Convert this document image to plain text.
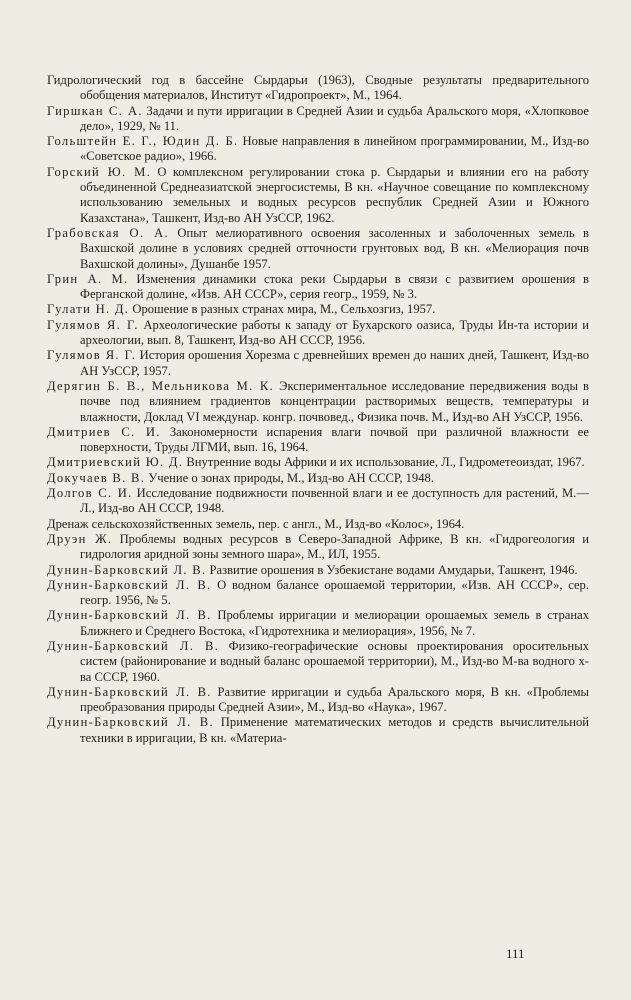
Гидрологический год в бассейне Сырдарьи (1963), Сводные результаты предварительного обобщения материалов, Институт «Гидропроект», М., 1964.

Гиршкан С. А. Задачи и пути ирригации в Средней Азии и судьба Аральского моря, «Хлопковое дело», 1929, № 11.

Гольштейн Е. Г., Юдин Д. Б. Новые направления в линейном программировании, М., Изд-во «Советское радио», 1966.

Горский Ю. М. О комплексном регулировании стока р. Сырдарьи и влиянии его на работу объединенной Среднеазиатской энергосистемы, В кн. «Научное совещание по комплексному использованию земельных и водных ресурсов республик Средней Азии и Южного Казахстана», Ташкент, Изд-во АН УзССР, 1962.

Грабовская О. А. Опыт мелиоративного освоения засоленных и заболоченных земель в Вахшской долине в условиях средней отточности грунтовых вод, В кн. «Мелиорация почв Вахшской долины», Душанбе 1957.

Грин А. М. Изменения динамики стока реки Сырдарьи в связи с развитием орошения в Ферганской долине, «Изв. АН СССР», серия геогр., 1959, № 3.

Гулати Н. Д. Орошение в разных странах мира, М., Сельхозгиз, 1957.

Гулямов Я. Г. Археологические работы к западу от Бухарского оазиса, Труды Ин-та истории и археологии, вып. 8, Ташкент, Изд-во АН СССР, 1956.

Гулямов Я. Г. История орошения Хорезма с древнейших времен до наших дней, Ташкент, Изд-во АН УзССР, 1957.

Дерягин Б. В., Мельникова М. К. Экспериментальное исследование передвижения воды в почве под влиянием градиентов концентрации растворимых веществ, температуры и влажности, Доклад VI междунар. конгр. почвовед., Физика почв. М., Изд-во АН УзССР, 1956.

Дмитриев С. И. Закономерности испарения влаги почвой при различной влажности ее поверхности, Труды ЛГМИ, вып. 16, 1964.

Дмитриевский Ю. Д. Внутренние воды Африки и их использование, Л., Гидрометеоиздат, 1967.

Докучаев В. В. Учение о зонах природы, М., Изд-во АН СССР, 1948.

Долгов С. И. Исследование подвижности почвенной влаги и ее доступность для растений, М.—Л., Изд-во АН СССР, 1948.

Дренаж сельскохозяйственных земель, пер. с англ., М., Изд-во «Колос», 1964.

Друэн Ж. Проблемы водных ресурсов в Северо-Западной Африке, В кн. «Гидрогеология и гидрология аридной зоны земного шара», М., ИЛ, 1955.

Дунин-Барковский Л. В. Развитие орошения в Узбекистане водами Амударьи, Ташкент, 1946.

Дунин-Барковский Л. В. О водном балансе орошаемой территории, «Изв. АН СССР», сер. геогр. 1956, № 5.

Дунин-Барковский Л. В. Проблемы ирригации и мелиорации орошаемых земель в странах Ближнего и Среднего Востока, «Гидротехника и мелиорация», 1956, № 7.

Дунин-Барковский Л. В. Физико-географические основы проектирования оросительных систем (районирование и водный баланс орошаемой территории), М., Изд-во М-ва водного х-ва СССР, 1960.

Дунин-Барковский Л. В. Развитие ирригации и судьба Аральского моря, В кн. «Проблемы преобразования природы Средней Азии», М., Изд-во «Наука», 1967.

Дунин-Барковский Л. В. Применение математических методов и средств вычислительной техники в ирригации, В кн. «Материа-

111
